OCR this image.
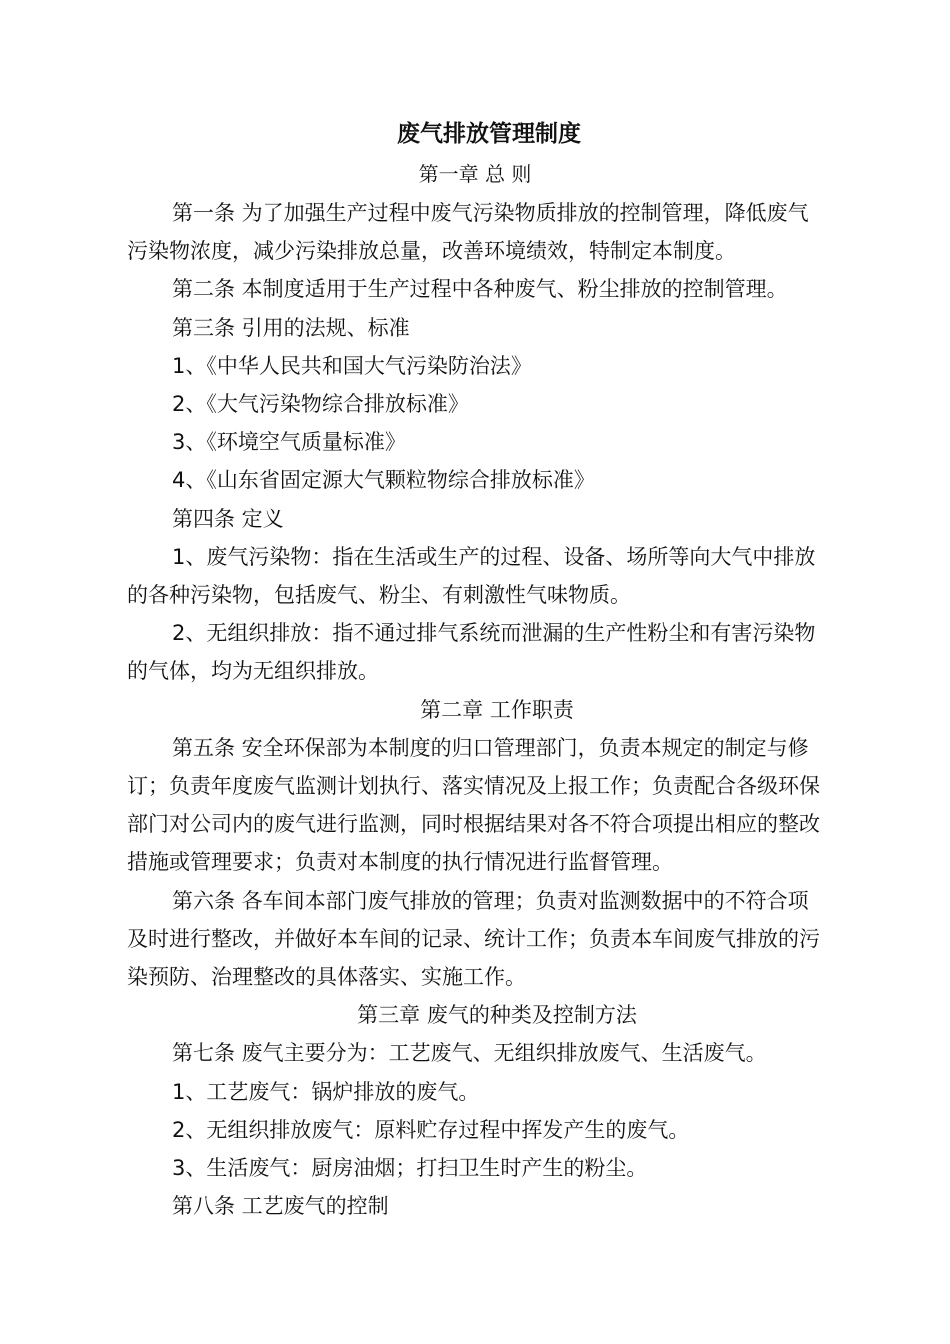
废气排放管理制度
第一章 总 则

第一条 为了加强生产过程中废气污染物质排放的控制管理，降低废气污染物浓度，减少污染排放总量，改善环境绩效，特制定本制度。

第二条 本制度适用于生产过程中各种废气、粉尘排放的控制管理。

第三条 引用的法规、标准

1、《中华人民共和国大气污染防治法》

2、《大气污染物综合排放标准》

3、《环境空气质量标准》

4、《山东省固定源大气颗粒物综合排放标准》

第四条 定义

1、废气污染物：指在生活或生产的过程、设备、场所等向大气中排放的各种污染物，包括废气、粉尘、有刺激性气味物质。

2、无组织排放：指不通过排气系统而泄漏的生产性粉尘和有害污染物的气体，均为无组织排放。

第二章 工作职责

第五条 安全环保部为本制度的归口管理部门，负责本规定的制定与修订；负责年度废气监测计划执行、落实情况及上报工作；负责配合各级环保部门对公司内的废气进行监测，同时根据结果对各不符合项提出相应的整改措施或管理要求；负责对本制度的执行情况进行监督管理。

第六条 各车间本部门废气排放的管理；负责对监测数据中的不符合项及时进行整改，并做好本车间的记录、统计工作；负责本车间废气排放的污染预防、治理整改的具体落实、实施工作。

第三章 废气的种类及控制方法

第七条 废气主要分为：工艺废气、无组织排放废气、生活废气。

1、工艺废气：锅炉排放的废气。

2、无组织排放废气：原料贮存过程中挥发产生的废气。

3、生活废气：厨房油烟；打扫卫生时产生的粉尘。

第八条 工艺废气的控制
